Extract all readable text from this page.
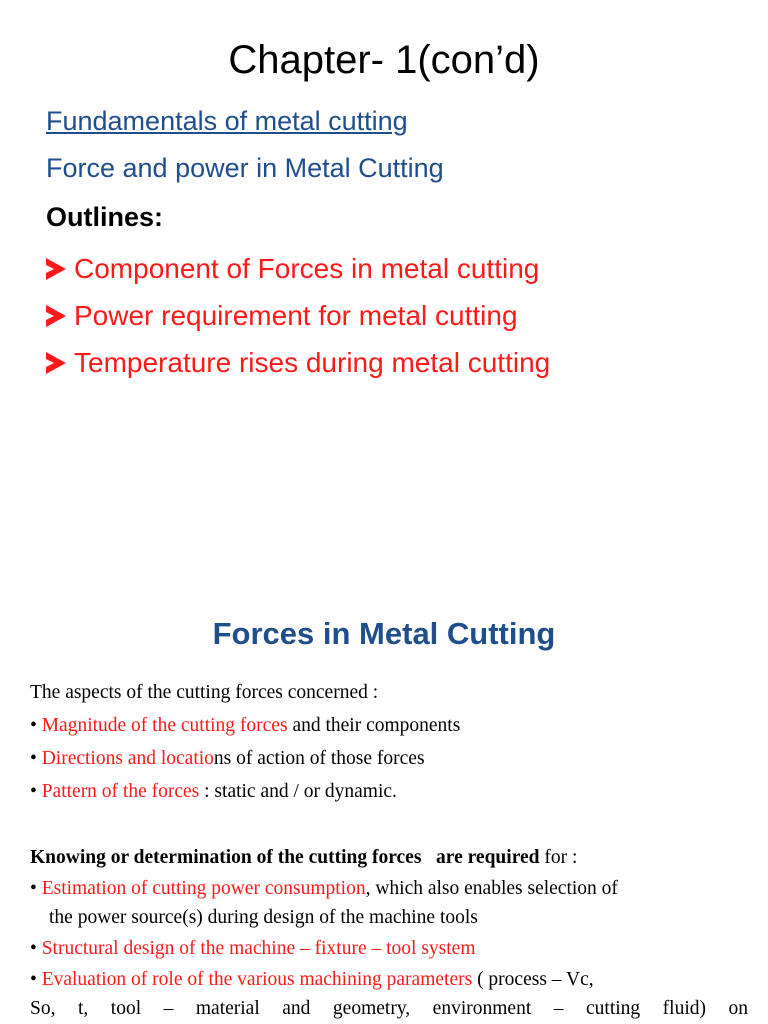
Chapter- 1(con’d)
Fundamentals of metal cutting
Force and power in Metal Cutting
Outlines:
Component of Forces in metal cutting
Power requirement for metal cutting
Temperature rises during metal cutting
Forces in Metal Cutting

The aspects of the cutting forces concerned :

• Magnitude of the cutting forces and their components

• Directions and locations of action of those forces

• Pattern of the forces : static and / or dynamic.

Knowing or determination of the cutting forces are required for :

• Estimation of cutting power consumption, which also enables selection of
the power source(s) during design of the machine tools

• Structural design of the machine – fixture – tool system

• Evaluation of role of the various machining parameters ( process – Vc,

So, t, tool – material and geometry, environment – cutting fluid) on
